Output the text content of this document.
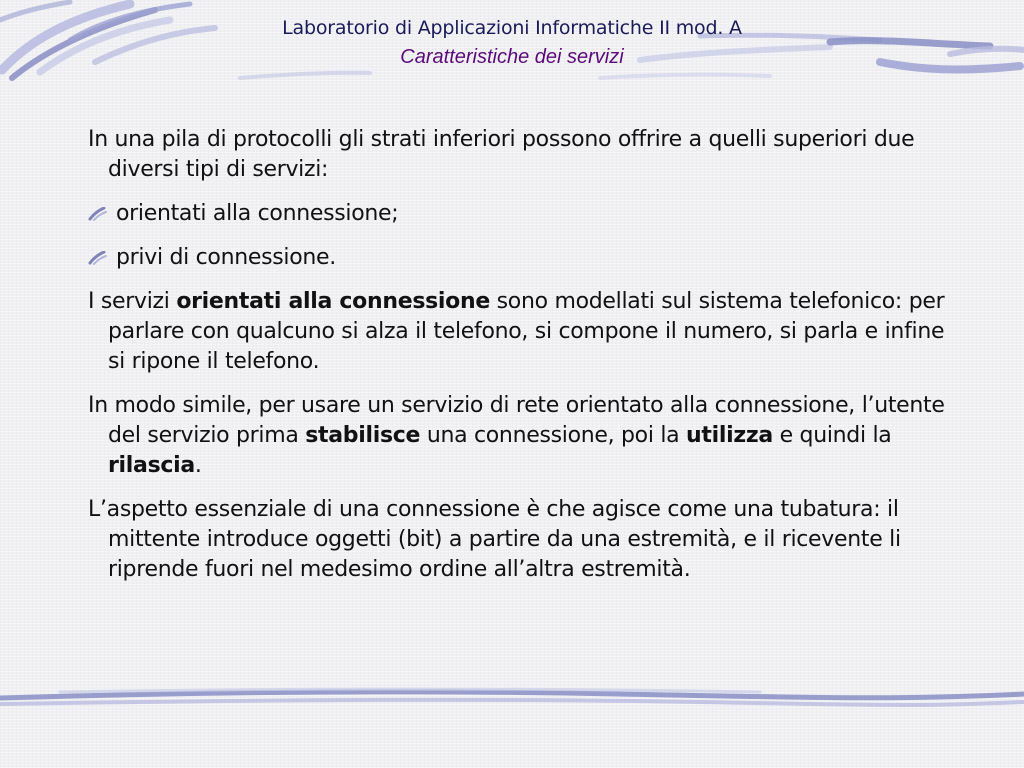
Laboratorio di Applicazioni Informatiche II mod. A
Caratteristiche dei servizi

In una pila di protocolli gli strati inferiori possono offrire a quelli superiori due diversi tipi di servizi:

orientati alla connessione;
privi di connessione.

I servizi orientati alla connessione sono modellati sul sistema telefonico: per parlare con qualcuno si alza il telefono, si compone il numero, si parla e infine si ripone il telefono.

In modo simile, per usare un servizio di rete orientato alla connessione, l’utente del servizio prima stabilisce una connessione, poi la utilizza e quindi la rilascia.

L’aspetto essenziale di una connessione è che agisce come una tubatura: il mittente introduce oggetti (bit) a partire da una estremità, e il ricevente li riprende fuori nel medesimo ordine all’altra estremità.
